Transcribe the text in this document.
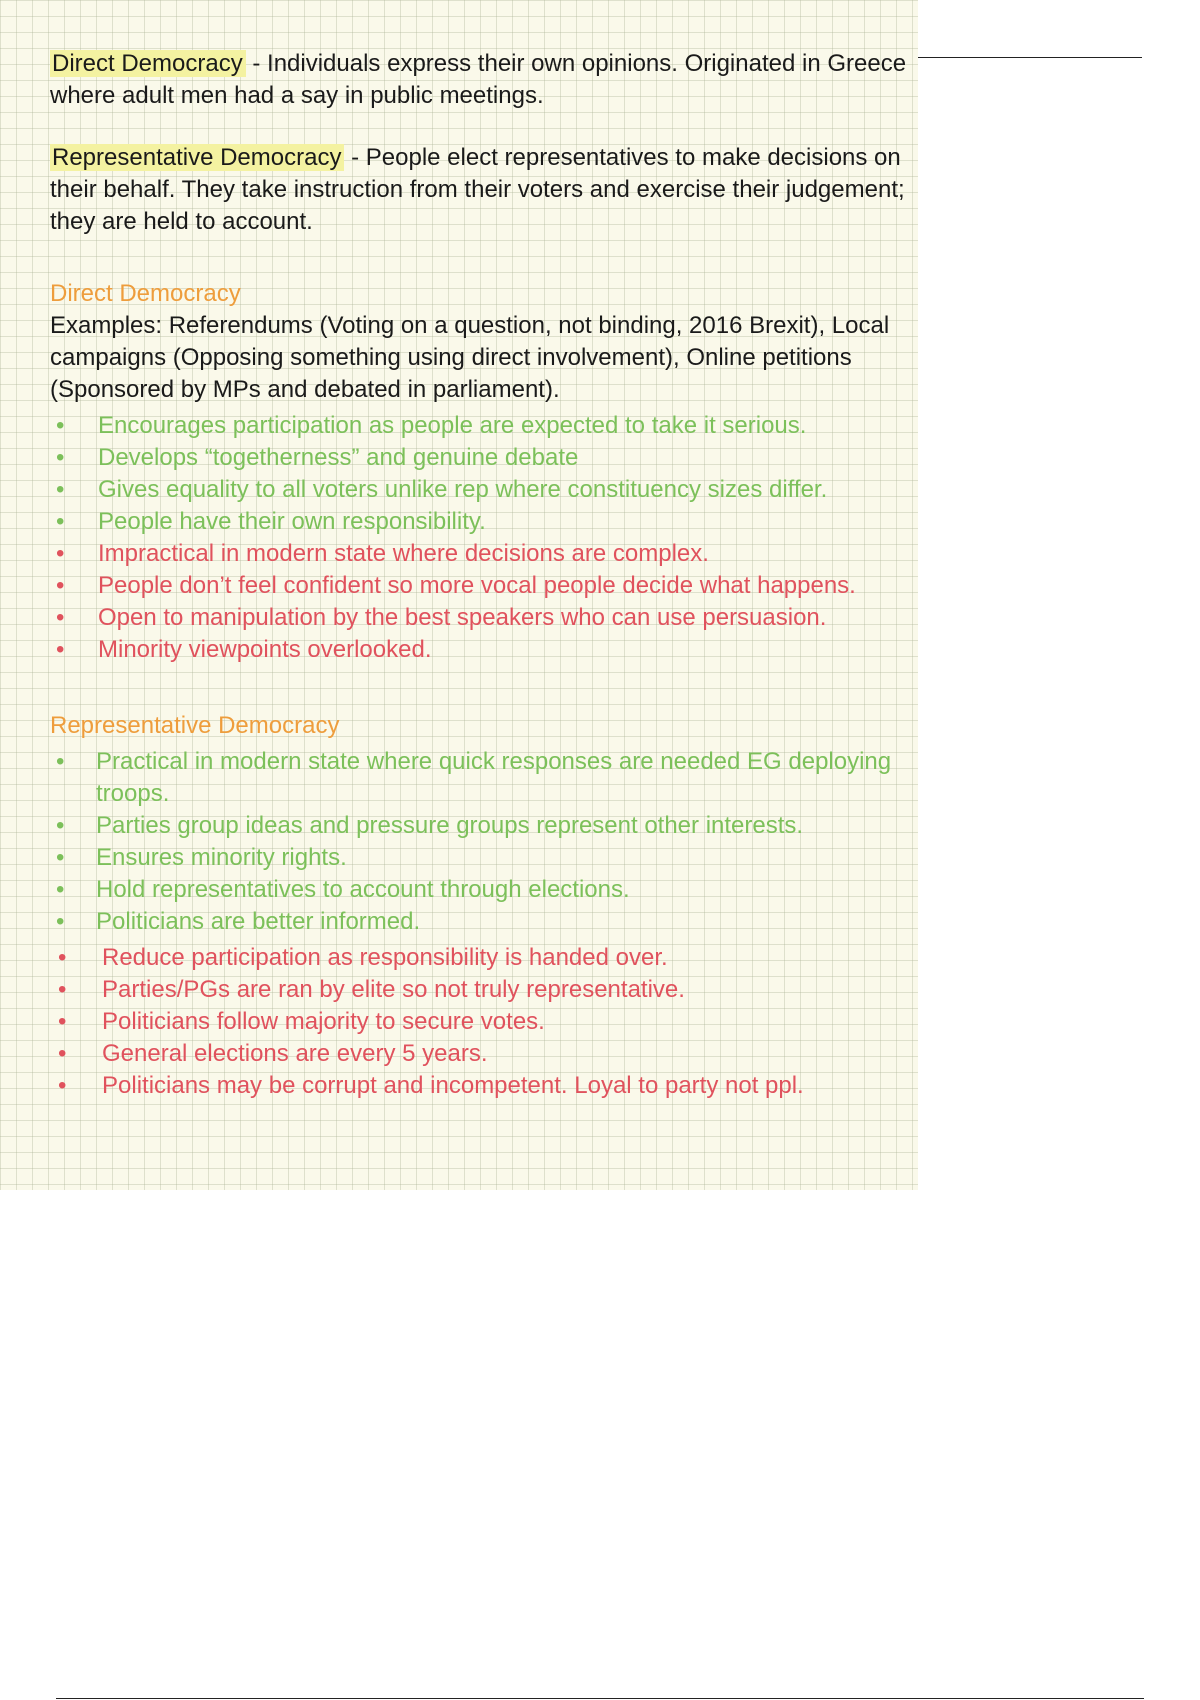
Direct Democracy - Individuals express their own opinions. Originated in Greece where adult men had a say in public meetings.

Representative Democracy - People elect representatives to make decisions on their behalf. They take instruction from their voters and exercise their judgement; they are held to account.

Direct Democracy

Examples: Referendums (Voting on a question, not binding, 2016 Brexit), Local campaigns (Opposing something using direct involvement), Online petitions (Sponsored by MPs and debated in parliament).

• Encourages participation as people are expected to take it serious.
• Develops “togetherness” and genuine debate
• Gives equality to all voters unlike rep where constituency sizes differ.
• People have their own responsibility.
• Impractical in modern state where decisions are complex.
• People don’t feel confident so more vocal people decide what happens.
• Open to manipulation by the best speakers who can use persuasion.
• Minority viewpoints overlooked.

Representative Democracy

• Practical in modern state where quick responses are needed EG deploying troops.
• Parties group ideas and pressure groups represent other interests.
• Ensures minority rights.
• Hold representatives to account through elections.
• Politicians are better informed.
• Reduce participation as responsibility is handed over.
• Parties/PGs are ran by elite so not truly representative.
• Politicians follow majority to secure votes.
• General elections are every 5 years.
• Politicians may be corrupt and incompetent. Loyal to party not ppl.
